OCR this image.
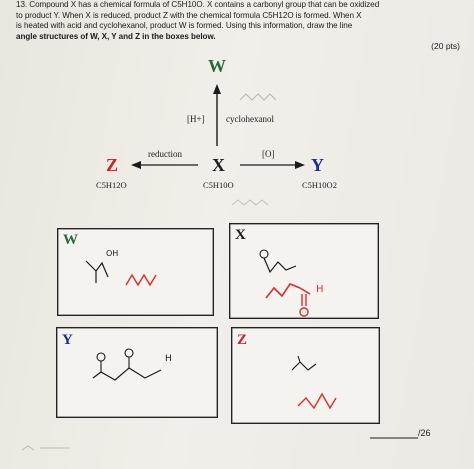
13. Compound X has a chemical formula of C5H10O. X contains a carbonyl group that can be oxidized
to product Y. When X is reduced, product Z with the chemical formula C5H12O is formed. When X
is heated with acid and cyclohexanol, product W is formed. Using this information, draw the line
angle structures of W, X, Y and Z in the boxes below.
(20 pts)
W
[H+] cyclohexanol
reduction	[O]
Z	X	Y
C5H12O	C5H10O	C5H10O2
W
OH
X
H
Y
H
Z
/26
